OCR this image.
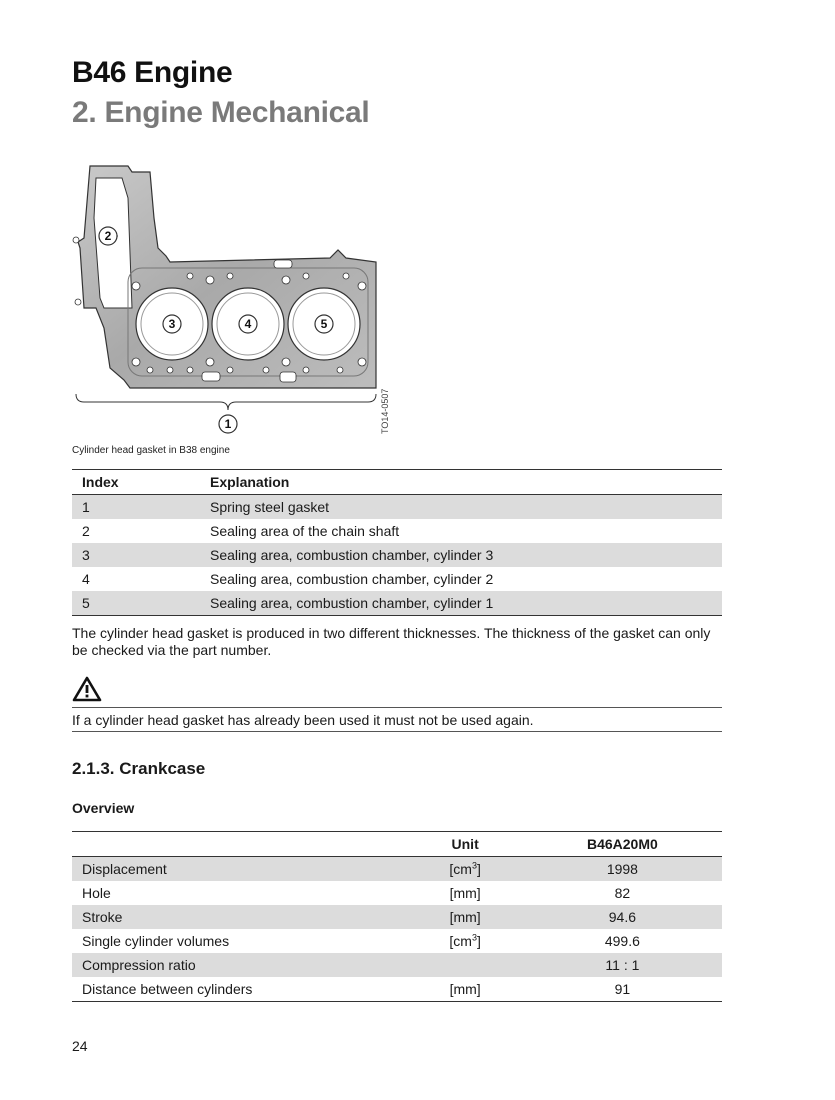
B46 Engine
2. Engine Mechanical
1
2
3	4	5
TO14-0507
Cylinder head gasket in B38 engine
Index	Explanation
1	Spring steel gasket
2	Sealing area of the chain shaft
3	Sealing area, combustion chamber, cylinder 3
4	Sealing area, combustion chamber, cylinder 2
5	Sealing area, combustion chamber, cylinder 1

The cylinder head gasket is produced in two different thicknesses. The thickness of the gasket can only be checked via the part number.

If a cylinder head gasket has already been used it must not be used again.
2.1.3. Crankcase
Overview
	Unit	B46A20M0
Displacement	$[cm^3]$	1998
Hole	[mm]	82
Stroke	[mm]	94.6
Single cylinder volumes	$[cm^3]$	499.6
Compression ratio		11 : 1
Distance between cylinders	[mm]	91
24
